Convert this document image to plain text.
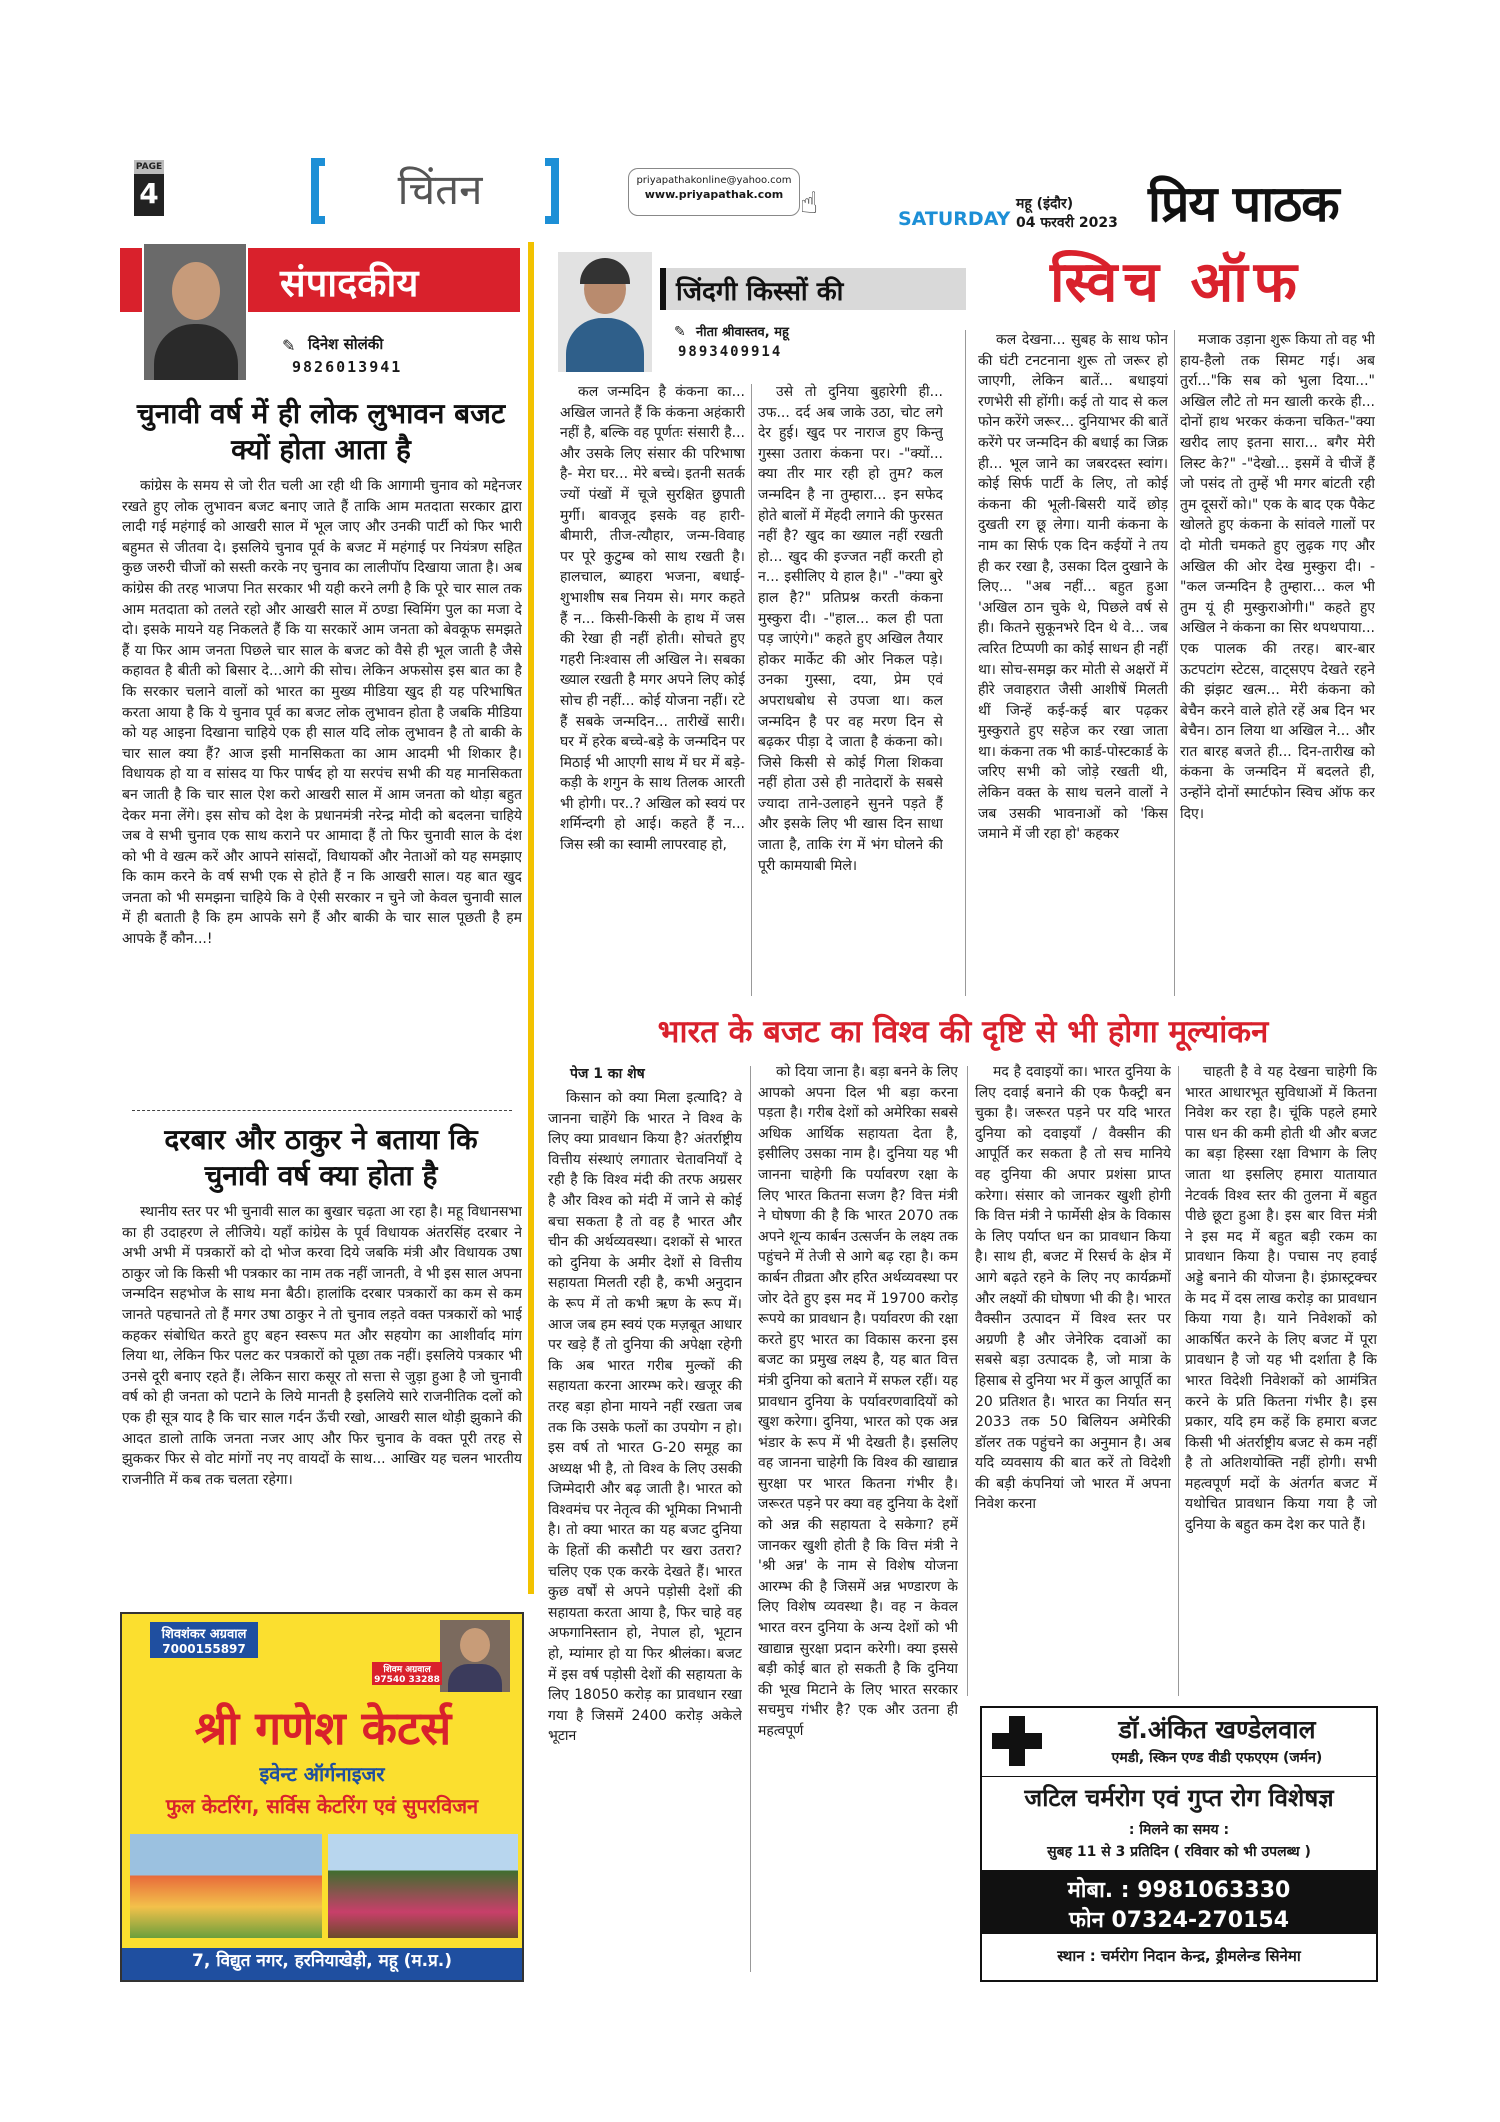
PAGE
4	चिंतन	priyapathakonline@yahoo.com
www.priyapathak.com ☝	SATURDAY
महू (इंदौर)
04 फरवरी 2023 प्रिय पाठक
संपादकीय
✎ दिनेश सोलंकी
9826013941
चुनावी वर्ष में ही लोक लुभावन बजट क्यों होता आता है

कांग्रेस के समय से जो रीत चली आ रही थी कि आगामी चुनाव को मद्देनजर रखते हुए लोक लुभावन बजट बनाए जाते हैं ताकि आम मतदाता सरकार द्वारा लादी गई महंगाई को आखरी साल में भूल जाए और उनकी पार्टी को फिर भारी बहुमत से जीतवा दे। इसलिये चुनाव पूर्व के बजट में महंगाई पर नियंत्रण सहित कुछ जरुरी चीजों को सस्ती करके नए चुनाव का लालीपॉप दिखाया जाता है। अब कांग्रेस की तरह भाजपा नित सरकार भी यही करने लगी है कि पूरे चार साल तक आम मतदाता को तलते रहो और आखरी साल में ठण्डा स्विमिंग पुल का मजा दे दो। इसके मायने यह निकलते हैं कि या सरकारें आम जनता को बेवकूफ समझते हैं या फिर आम जनता पिछले चार साल के बजट को वैसे ही भूल जाती है जैसे कहावत है बीती को बिसार दे...आगे की सोच। लेकिन अफसोस इस बात का है कि सरकार चलाने वालों को भारत का मुख्य मीडिया खुद ही यह परिभाषित करता आया है कि ये चुनाव पूर्व का बजट लोक लुभावन होता है जबकि मीडिया को यह आइना दिखाना चाहिये एक ही साल यदि लोक लुभावन है तो बाकी के चार साल क्या हैं? आज इसी मानसिकता का आम आदमी भी शिकार है। विधायक हो या व सांसद या फिर पार्षद हो या सरपंच सभी की यह मानसिकता बन जाती है कि चार साल ऐश करो आखरी साल में आम जनता को थोड़ा बहुत देकर मना लेंगे। इस सोच को देश के प्रधानमंत्री नरेन्द्र मोदी को बदलना चाहिये जब वे सभी चुनाव एक साथ कराने पर आमादा हैं तो फिर चुनावी साल के दंश को भी वे खत्म करें और आपने सांसदों, विधायकों और नेताओं को यह समझाए कि काम करने के वर्ष सभी एक से होते हैं न कि आखरी साल। यह बात खुद जनता को भी समझना चाहिये कि वे ऐसी सरकार न चुने जो केवल चुनावी साल में ही बताती है कि हम आपके सगे हैं और बाकी के चार साल पूछती है हम आपके हैं कौन...!

दरबार और ठाकुर ने बताया कि चुनावी वर्ष क्या होता है

स्थानीय स्तर पर भी चुनावी साल का बुखार चढ़ता आ रहा है। महू विधानसभा का ही उदाहरण ले लीजिये। यहाँ कांग्रेस के पूर्व विधायक अंतरसिंह दरबार ने अभी अभी में पत्रकारों को दो भोज करवा दिये जबकि मंत्री और विधायक उषा ठाकुर जो कि किसी भी पत्रकार का नाम तक नहीं जानती, वे भी इस साल अपना जन्मदिन सहभोज के साथ मना बैठी। हालांकि दरबार पत्रकारों का कम से कम जानते पहचानते तो हैं मगर उषा ठाकुर ने तो चुनाव लड़ते वक्त पत्रकारों को भाई कहकर संबोधित करते हुए बहन स्वरूप मत और सहयोग का आशीर्वाद मांग लिया था, लेकिन फिर पलट कर पत्रकारों को पूछा तक नहीं। इसलिये पत्रकार भी उनसे दूरी बनाए रहते हैं। लेकिन सारा कसूर तो सत्ता से जुड़ा हुआ है जो चुनावी वर्ष को ही जनता को पटाने के लिये मानती है इसलिये सारे राजनीतिक दलों को एक ही सूत्र याद है कि चार साल गर्दन ऊँची रखो, आखरी साल थोड़ी झुकाने की आदत डालो ताकि जनता नजर आए और फिर चुनाव के वक्त पूरी तरह से झुककर फिर से वोट मांगों नए नए वायदों के साथ... आखिर यह चलन भारतीय राजनीति में कब तक चलता रहेगा।

शिवशंकर अग्रवाल
7000155897
शिवम अग्रवाल
97540 33288
श्री गणेश केटर्स
इवेन्ट ऑर्गनाइजर
फुल केटरिंग, सर्विस केटरिंग एवं सुपरविजन
7, विद्युत नगर, हरनियाखेड़ी, महू (म.प्र.)
जिंदगी किस्सों की
✎ नीता श्रीवास्तव, महू
9893409914
स्विच ऑफ

कल जन्मदिन है कंकना का... अखिल जानते हैं कि कंकना अहंकारी नहीं है, बल्कि वह पूर्णतः संसारी है... और उसके लिए संसार की परिभाषा है- मेरा घर... मेरे बच्चे। इतनी सतर्क ज्यों पंखों में चूजे सुरक्षित छुपाती मुर्गी। बावजूद इसके वह हारी-बीमारी, तीज-त्यौहार, जन्म-विवाह पर पूरे कुटुम्ब को साथ रखती है। हालचाल, ब्याहरा भजना, बधाई-शुभाशीष सब नियम से। मगर कहते हैं न... किसी-किसी के हाथ में जस की रेखा ही नहीं होती। सोचते हुए गहरी निःश्वास ली अखिल ने। सबका ख्याल रखती है मगर अपने लिए कोई सोच ही नहीं... कोई योजना नहीं। रटे हैं सबके जन्मदिन... तारीखें सारी। घर में हरेक बच्चे-बड़े के जन्मदिन पर मिठाई भी आएगी साथ में घर में बड़े-कड़ी के शगुन के साथ तिलक आरती भी होगी। पर..? अखिल को स्वयं पर शर्मिन्दगी हो आई। कहते हैं न... जिस स्त्री का स्वामी लापरवाह हो,

उसे तो दुनिया बुहारेगी ही... उफ... दर्द अब जाके उठा, चोट लगे देर हुई। खुद पर नाराज हुए किन्तु गुस्सा उतारा कंकना पर। -"क्यों... क्या तीर मार रही हो तुम? कल जन्मदिन है ना तुम्हारा... इन सफेद होते बालों में मेंहदी लगाने की फुरसत नहीं है? खुद का ख्याल नहीं रखती हो... खुद की इज्जत नहीं करती हो न... इसीलिए ये हाल है।" -"क्या बुरे हाल है?" प्रतिप्रश्न करती कंकना मुस्कुरा दी। -"हाल... कल ही पता पड़ जाएंगे।" कहते हुए अखिल तैयार होकर मार्केट की ओर निकल पड़े। उनका गुस्सा, दया, प्रेम एवं अपराधबोध से उपजा था। कल जन्मदिन है पर वह मरण दिन से बढ़कर पीड़ा दे जाता है कंकना को। जिसे किसी से कोई गिला शिकवा नहीं होता उसे ही नातेदारों के सबसे ज्यादा ताने-उलाहने सुनने पड़ते हैं और इसके लिए भी खास दिन साधा जाता है, ताकि रंग में भंग घोलने की पूरी कामयाबी मिले।

कल देखना... सुबह के साथ फोन की घंटी टनटनाना शुरू तो जरूर हो जाएगी, लेकिन बातें... बधाइयां रणभेरी सी होंगी। कई तो याद से कल फोन करेंगे जरूर... दुनियाभर की बातें करेंगे पर जन्मदिन की बधाई का जिक्र ही... भूल जाने का जबरदस्त स्वांग। कोई सिर्फ पार्टी के लिए, तो कोई कंकना की भूली-बिसरी यादें छोड़ दुखती रग छू लेगा। यानी कंकना के नाम का सिर्फ एक दिन कईयों ने तय ही कर रखा है, उसका दिल दुखाने के लिए... "अब नहीं... बहुत हुआ 'अखिल ठान चुके थे, पिछले वर्ष से ही। कितने सुकूनभरे दिन थे वे... जब त्वरित टिप्पणी का कोई साधन ही नहीं था। सोच-समझ कर मोती से अक्षरों में हीरे जवाहरात जैसी आशीषें मिलती थीं जिन्हें कई-कई बार पढ़कर मुस्कुराते हुए सहेज कर रखा जाता था। कंकना तक भी कार्ड-पोस्टकार्ड के जरिए सभी को जोड़े रखती थी, लेकिन वक्त के साथ चलने वालों ने जब उसकी भावनाओं को 'किस जमाने में जी रहा हो' कहकर

मजाक उड़ाना शुरू किया तो वह भी हाय-हैलो तक सिमट गई। अब तुर्रा..."कि सब को भुला दिया..." अखिल लौटे तो मन खाली करके ही... दोनों हाथ भरकर कंकना चकित-"क्या खरीद लाए इतना सारा... बगैर मेरी लिस्ट के?" -"देखो... इसमें वे चीजें हैं जो पसंद तो तुम्हें भी मगर बांटती रही तुम दूसरों को।" एक के बाद एक पैकेट खोलते हुए कंकना के सांवले गालों पर दो मोती चमकते हुए लुढ़क गए और अखिल की ओर देख मुस्कुरा दी। -"कल जन्मदिन है तुम्हारा... कल भी तुम यूं ही मुस्कुराओगी।" कहते हुए अखिल ने कंकना का सिर थपथपाया... एक पालक की तरह। बार-बार ऊटपटांग स्टेटस, वाट्सएप देखते रहने की झंझट खत्म... मेरी कंकना को बेचैन करने वाले होते रहें अब दिन भर बेचैन। ठान लिया था अखिल ने... और रात बारह बजते ही... दिन-तारीख को कंकना के जन्मदिन में बदलते ही, उन्होंने दोनों स्मार्टफोन स्विच ऑफ कर दिए।

भारत के बजट का विश्व की दृष्टि से भी होगा मूल्यांकन
पेज 1 का शेष

किसान को क्या मिला इत्यादि? वे जानना चाहेंगे कि भारत ने विश्व के लिए क्या प्रावधान किया है? अंतर्राष्ट्रीय वित्तीय संस्थाएं लगातार चेतावनियाँ दे रही है कि विश्व मंदी की तरफ अग्रसर है और विश्व को मंदी में जाने से कोई बचा सकता है तो वह है भारत और चीन की अर्थव्यवस्था। दशकों से भारत को दुनिया के अमीर देशों से वित्तीय सहायता मिलती रही है, कभी अनुदान के रूप में तो कभी ऋण के रूप में। आज जब हम स्वयं एक मज़बूत आधार पर खड़े हैं तो दुनिया की अपेक्षा रहेगी कि अब भारत गरीब मुल्कों की सहायता करना आरम्भ करे। खजूर की तरह बड़ा होना मायने नहीं रखता जब तक कि उसके फलों का उपयोग न हो। इस वर्ष तो भारत G-20 समूह का अध्यक्ष भी है, तो विश्व के लिए उसकी जिम्मेदारी और बढ़ जाती है। भारत को विश्वमंच पर नेतृत्व की भूमिका निभानी है। तो क्या भारत का यह बजट दुनिया के हितों की कसौटी पर खरा उतरा? चलिए एक एक करके देखते हैं। भारत कुछ वर्षों से अपने पड़ोसी देशों की सहायता करता आया है, फिर चाहे वह अफगानिस्तान हो, नेपाल हो, भूटान हो, म्यांमार हो या फिर श्रीलंका। बजट में इस वर्ष पड़ोसी देशों की सहायता के लिए 18050 करोड़ का प्रावधान रखा गया है जिसमें 2400 करोड़ अकेले भूटान

को दिया जाना है। बड़ा बनने के लिए आपको अपना दिल भी बड़ा करना पड़ता है। गरीब देशों को अमेरिका सबसे अधिक आर्थिक सहायता देता है, इसीलिए उसका नाम है। दुनिया यह भी जानना चाहेगी कि पर्यावरण रक्षा के लिए भारत कितना सजग है? वित्त मंत्री ने घोषणा की है कि भारत 2070 तक अपने शून्य कार्बन उत्सर्जन के लक्ष्य तक पहुंचने में तेजी से आगे बढ़ रहा है। कम कार्बन तीव्रता और हरित अर्थव्यवस्था पर जोर देते हुए इस मद में 19700 करोड़ रूपये का प्रावधान है। पर्यावरण की रक्षा करते हुए भारत का विकास करना इस बजट का प्रमुख लक्ष्य है, यह बात वित्त मंत्री दुनिया को बताने में सफल रहीं। यह प्रावधान दुनिया के पर्यावरणवादियों को खुश करेगा। दुनिया, भारत को एक अन्न भंडार के रूप में भी देखती है। इसलिए वह जानना चाहेगी कि विश्व की खाद्यान्न सुरक्षा पर भारत कितना गंभीर है। जरूरत पड़ने पर क्या वह दुनिया के देशों को अन्न की सहायता दे सकेगा? हमें जानकर खुशी होती है कि वित्त मंत्री ने 'श्री अन्न' के नाम से विशेष योजना आरम्भ की है जिसमें अन्न भण्डारण के लिए विशेष व्यवस्था है। वह न केवल भारत वरन दुनिया के अन्य देशों को भी खाद्यान्न सुरक्षा प्रदान करेगी। क्या इससे बड़ी कोई बात हो सकती है कि दुनिया की भूख मिटाने के लिए भारत सरकार सचमुच गंभीर है? एक और उतना ही महत्वपूर्ण

मद है दवाइयों का। भारत दुनिया के लिए दवाई बनाने की एक फैक्ट्री बन चुका है। जरूरत पड़ने पर यदि भारत दुनिया को दवाइयाँ / वैक्सीन की आपूर्ति कर सकता है तो सच मानिये वह दुनिया की अपार प्रशंसा प्राप्त करेगा। संसार को जानकर खुशी होगी कि वित्त मंत्री ने फार्मेसी क्षेत्र के विकास के लिए पर्याप्त धन का प्रावधान किया है। साथ ही, बजट में रिसर्च के क्षेत्र में आगे बढ़ते रहने के लिए नए कार्यक्रमों और लक्ष्यों की घोषणा भी की है। भारत वैक्सीन उत्पादन में विश्व स्तर पर अग्रणी है और जेनेरिक दवाओं का सबसे बड़ा उत्पादक है, जो मात्रा के हिसाब से दुनिया भर में कुल आपूर्ति का 20 प्रतिशत है। भारत का निर्यात सन् 2033 तक 50 बिलियन अमेरिकी डॉलर तक पहुंचने का अनुमान है। अब यदि व्यवसाय की बात करें तो विदेशी की बड़ी कंपनियां जो भारत में अपना निवेश करना

चाहती है वे यह देखना चाहेगी कि भारत आधारभूत सुविधाओं में कितना निवेश कर रहा है। चूंकि पहले हमारे पास धन की कमी होती थी और बजट का बड़ा हिस्सा रक्षा विभाग के लिए जाता था इसलिए हमारा यातायात नेटवर्क विश्व स्तर की तुलना में बहुत पीछे छूटा हुआ है। इस बार वित्त मंत्री ने इस मद में बहुत बड़ी रकम का प्रावधान किया है। पचास नए हवाई अड्डे बनाने की योजना है। इंफ्रास्ट्रक्चर के मद में दस लाख करोड़ का प्रावधान किया गया है। याने निवेशकों को आकर्षित करने के लिए बजट में पूरा प्रावधान है जो यह भी दर्शाता है कि भारत विदेशी निवेशकों को आमंत्रित करने के प्रति कितना गंभीर है। इस प्रकार, यदि हम कहें कि हमारा बजट किसी भी अंतर्राष्ट्रीय बजट से कम नहीं है तो अतिशयोक्ति नहीं होगी। सभी महत्वपूर्ण मदों के अंतर्गत बजट में यथोचित प्रावधान किया गया है जो दुनिया के बहुत कम देश कर पाते हैं।

डॉ.अंकित खण्डेलवाल
एमडी, स्किन एण्ड वीडी एफएएम (जर्मन)
जटिल चर्मरोग एवं गुप्त रोग विशेषज्ञ
: मिलने का समय :
सुबह 11 से 3 प्रतिदिन ( रविवार को भी उपलब्ध )
मोबा. : 9981063330
फोन 07324-270154
स्थान : चर्मरोग निदान केन्द्र, ड्रीमलेन्ड सिनेमा
